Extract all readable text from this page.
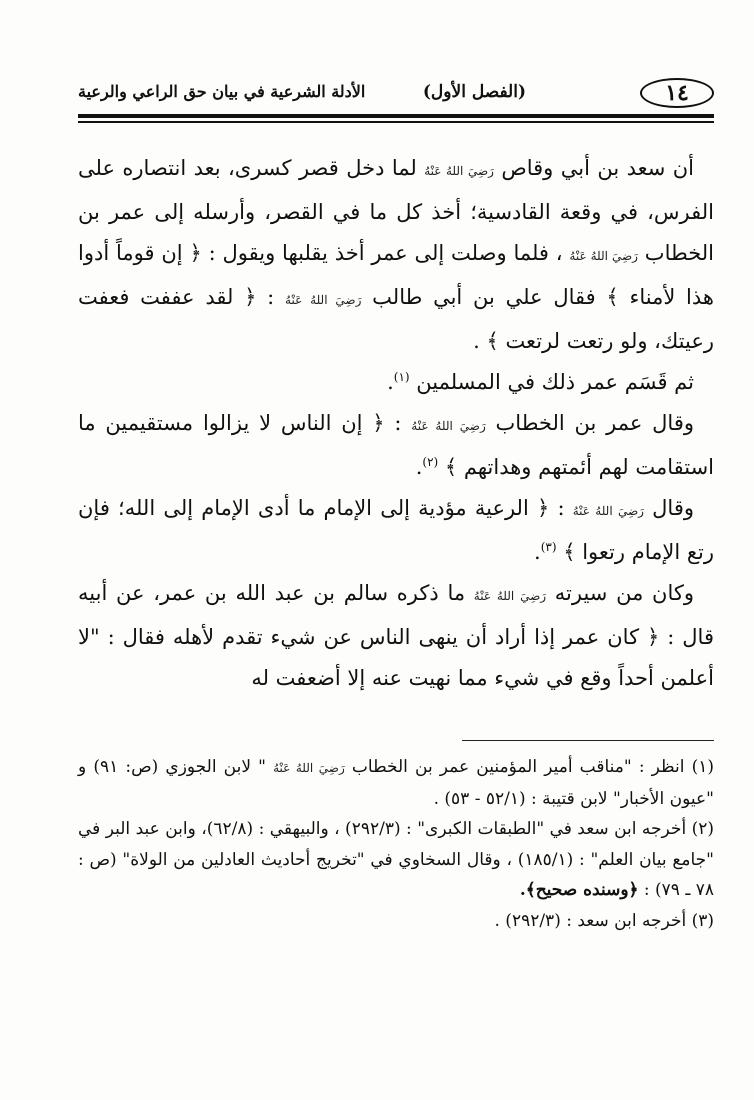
١٤
(الفصل الأول)
الأدلة الشرعية في بيان حق الراعي والرعية

أن سعد بن أبي وقاص رَضِيَ اللهُ عَنْهُ لما دخل قصر كسرى، بعد انتصاره على الفرس، في وقعة القادسية؛ أخذ كل ما في القصر، وأرسله إلى عمر بن الخطاب رَضِيَ اللهُ عَنْهُ ، فلما وصلت إلى عمر أخذ يقلبها ويقول : ﴿ إن قوماً أدوا هذا لأمناء ﴾ فقال علي بن أبي طالب رَضِيَ اللهُ عَنْهُ : ﴿ لقد عففت فعفت رعيتك، ولو رتعت لرتعت ﴾ .

ثم قَسَم عمر ذلك في المسلمين $^{(١)}$.

وقال عمر بن الخطاب رَضِيَ اللهُ عَنْهُ : ﴿ إن الناس لا يزالوا مستقيمين ما استقامت لهم أئمتهم وهداتهم ﴾ $^{(٢)}$.

وقال رَضِيَ اللهُ عَنْهُ : ﴿ الرعية مؤدية إلى الإمام ما أدى الإمام إلى الله؛ فإن رتع الإمام رتعوا ﴾ $^{(٣)}$.

وكان من سيرته رَضِيَ اللهُ عَنْهُ ما ذكره سالم بن عبد الله بن عمر، عن أبيه قال : ﴿ كان عمر إذا أراد أن ينهى الناس عن شيء تقدم لأهله فقال : "لا أعلمن أحداً وقع في شيء مما نهيت عنه إلا أضعفت له

(١) انظر : "مناقب أمير المؤمنين عمر بن الخطاب رَضِيَ اللهُ عَنْهُ " لابن الجوزي (ص: ٩١) و "عيون الأخبار" لابن قتيبة : (٥٢/١ - ٥٣) .

(٢) أخرجه ابن سعد في "الطبقات الكبرى" : (٢٩٢/٣) ، والبيهقي : (٦٢/٨)، وابن عبد البر في "جامع بيان العلم" : (١٨٥/١) ، وقال السخاوي في "تخريج أحاديث العادلين من الولاة" (ص : ٧٨ ـ ٧٩) : ﴿وسنده صحيح﴾.

(٣) أخرجه ابن سعد : (٢٩٢/٣) .
